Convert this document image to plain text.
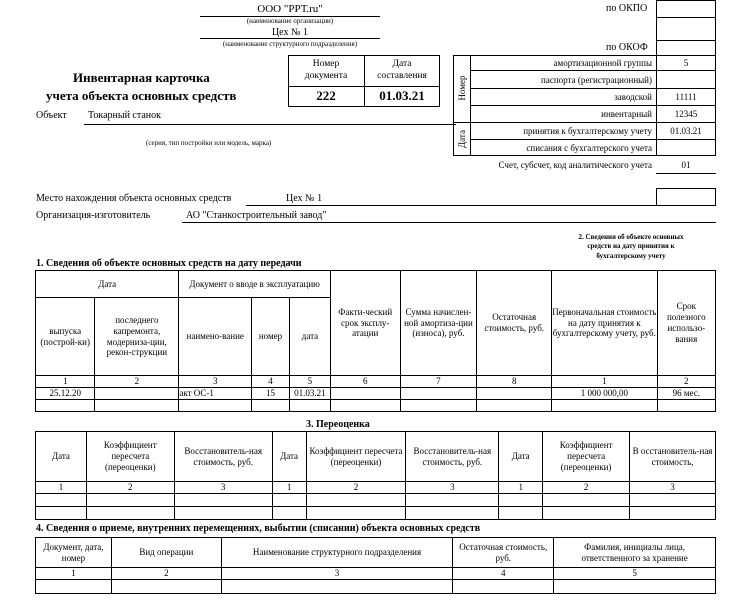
ООО "РРТ.ru"
(наименование организации)
Цех № 1
(наименование структурного подразделения)
по ОКПО
по ОКОФ
Инвентарная карточка
учета объекта основных средств
Номер документа
Дата составления
222	01.03.21
Объект Токарный станок
(серия, тип постройки или модель, марка)
Номер
Дата
амортизационной группы	5
паспорта (регистрационный)
заводской	11111
инвентарный	12345
принятия к бухгалтерскому учету	01.03.21
списания с бухгалтерского учета
Счет, субсчет, код аналитического учета	01
Место нахождения объекта основных средств	Цех № 1
Организация-изготовитель	АО "Станкостроительный завод"
2. Сведения об объекте основных средств на дату принятия к бухгалтерскому учету
1. Сведения об объекте основных средств на дату передачи
Дата		Документ о вводе в эксплуатацию			Факти-ческий срок эксплу-атации	Сумма начислен-ной амортиза-ции (износа), руб.	Остаточная стоимость, руб.	Первоначальная стоимость на дату принятия к бухгалтерскому учету, руб.	Срок полезного использо-вания
выпуска (построй-ки)	последнего капремонта, модерниза-ции, рекон-струкции	наимено-вание	номер	дата					
1	2	3	4	5	6	7	8	1	2
25.12.20		акт ОС-1	15	01.03.21				1 000 000,00	96 мес.

3. Переоценка
Дата	Коэффициент пересчета (переоценки)	Восстановитель-ная стоимость, руб.	Дата	Коэффициент пересчета (переоценки)	Восстановитель-ная стоимость, руб.	Дата	Коэффициент пересчета (переоценки)	В осстановитель-ная стоимость,
1	2	3	1	2	3	1	2	3

4. Сведения о приеме, внутренних перемещениях, выбытии (списании) объекта основных средств
Документ, дата, номер	Вид операции	Наименование структурного подразделения	Остаточная стоимость, руб.	Фамилия, инициалы лица, ответственного за хранение
1	2	3	4	5
